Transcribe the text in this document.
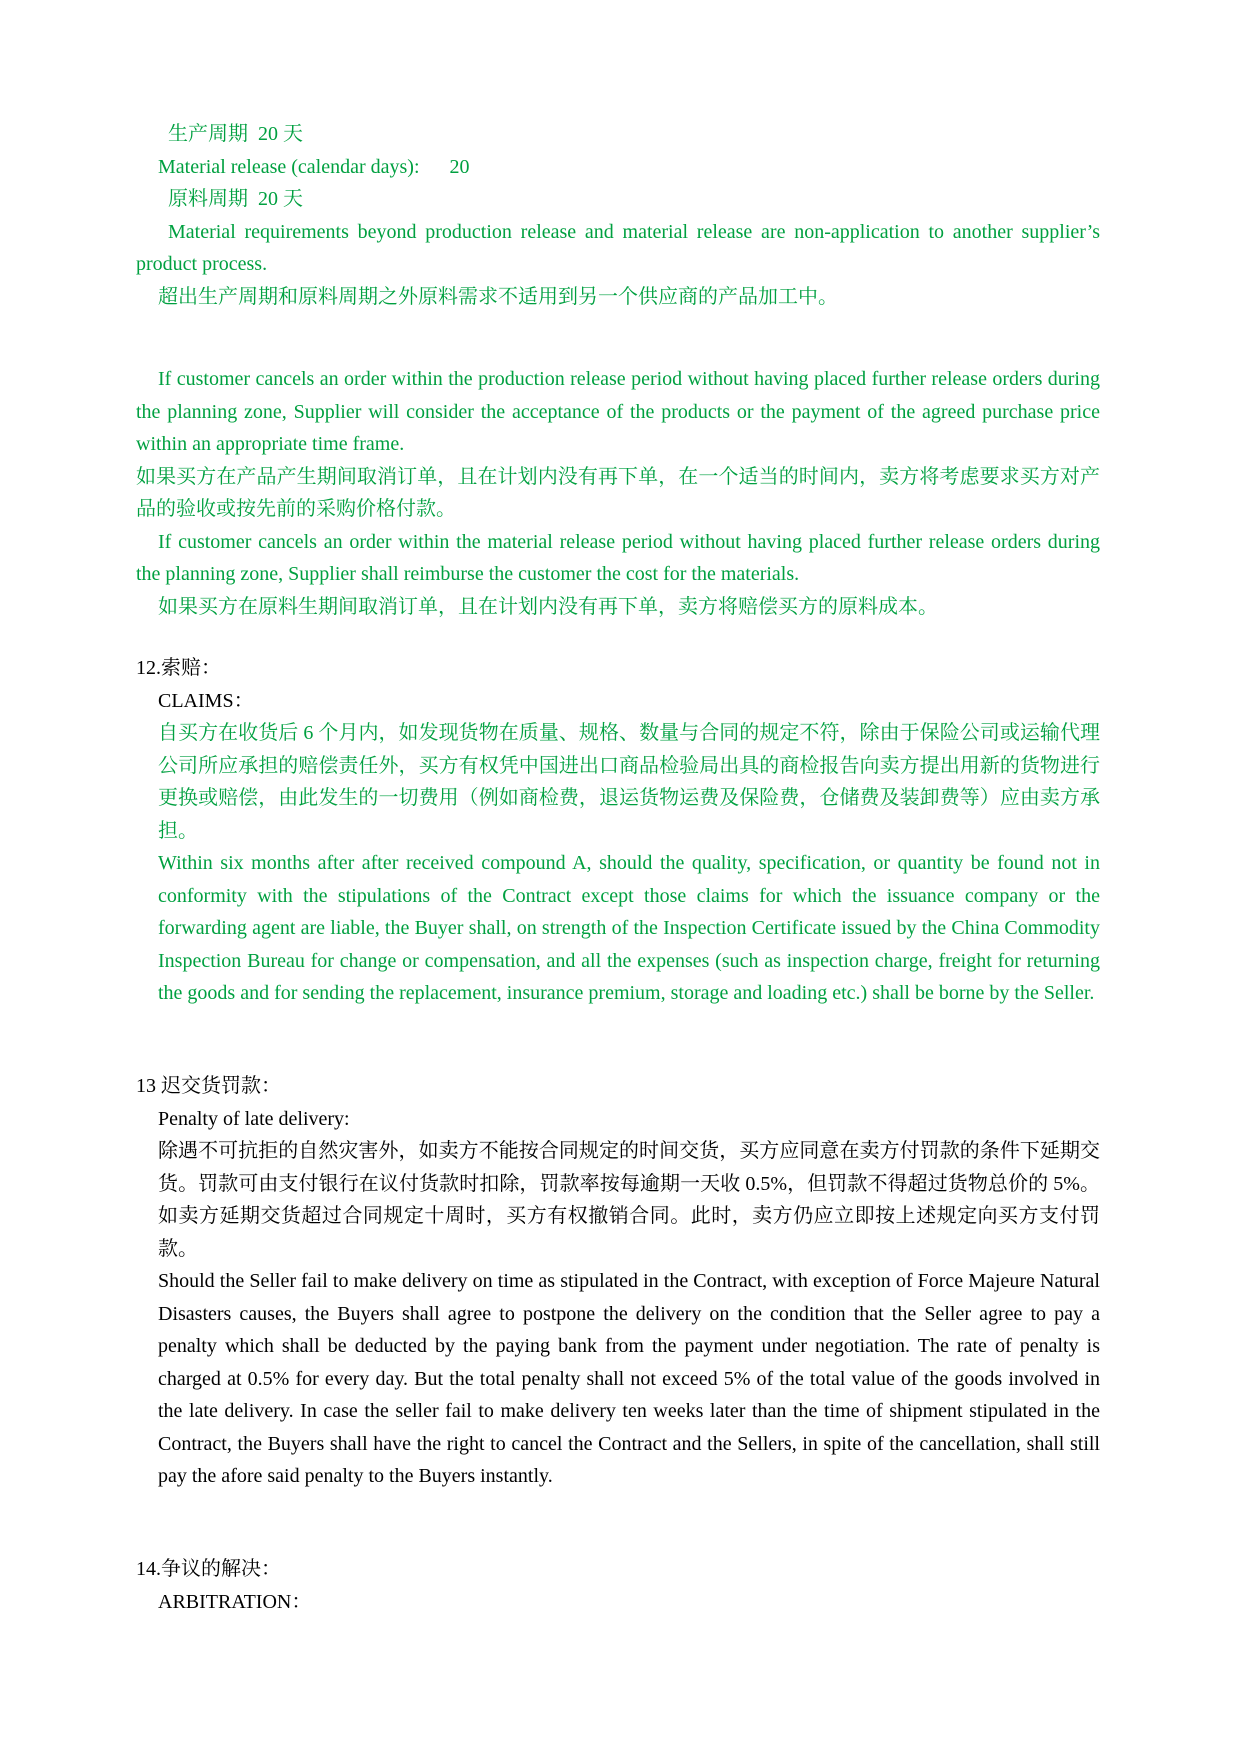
生产周期  20 天

Material release (calendar days):      20

原料周期  20 天

Material requirements beyond production release and material release are non-application to another supplier’s product process.

超出生产周期和原料周期之外原料需求不适用到另一个供应商的产品加工中。

If customer cancels an order within the production release period without having placed further release orders during the planning zone, Supplier will consider the acceptance of the products or the payment of the agreed purchase price within an appropriate time frame.

如果买方在产品产生期间取消订单，且在计划内没有再下单，在一个适当的时间内，卖方将考虑要求买方对产品的验收或按先前的采购价格付款。

If customer cancels an order within the material release period without having placed further release orders during the planning zone, Supplier shall reimburse the customer the cost for the materials.

如果买方在原料生期间取消订单，且在计划内没有再下单，卖方将赔偿买方的原料成本。

12.索赔：

CLAIMS：

自买方在收货后 6 个月内，如发现货物在质量、规格、数量与合同的规定不符，除由于保险公司或运输代理公司所应承担的赔偿责任外，买方有权凭中国进出口商品检验局出具的商检报告向卖方提出用新的货物进行更换或赔偿，由此发生的一切费用（例如商检费，退运货物运费及保险费，仓储费及装卸费等）应由卖方承担。

Within six months after after received compound A, should the quality, specification, or quantity be found not in conformity with the stipulations of the Contract except those claims for which the issuance company or the forwarding agent are liable, the Buyer shall, on strength of the Inspection Certificate issued by the China Commodity Inspection Bureau for change or compensation, and all the expenses (such as inspection charge, freight for returning the goods and for sending the replacement, insurance premium, storage and loading etc.) shall be borne by the Seller.

13 迟交货罚款：

Penalty of late delivery:

除遇不可抗拒的自然灾害外，如卖方不能按合同规定的时间交货，买方应同意在卖方付罚款的条件下延期交货。罚款可由支付银行在议付货款时扣除，罚款率按每逾期一天收 0.5%，但罚款不得超过货物总价的 5%。如卖方延期交货超过合同规定十周时，买方有权撤销合同。此时，卖方仍应立即按上述规定向买方支付罚款。

Should the Seller fail to make delivery on time as stipulated in the Contract, with exception of Force Majeure Natural Disasters causes, the Buyers shall agree to postpone the delivery on the condition that the Seller agree to pay a penalty which shall be deducted by the paying bank from the payment under negotiation. The rate of penalty is charged at 0.5% for every day. But the total penalty shall not exceed 5% of the total value of the goods involved in the late delivery. In case the seller fail to make delivery ten weeks later than the time of shipment stipulated in the Contract, the Buyers shall have the right to cancel the Contract and the Sellers, in spite of the cancellation, shall still pay the afore said penalty to the Buyers instantly.

14.争议的解决：

ARBITRATION：
